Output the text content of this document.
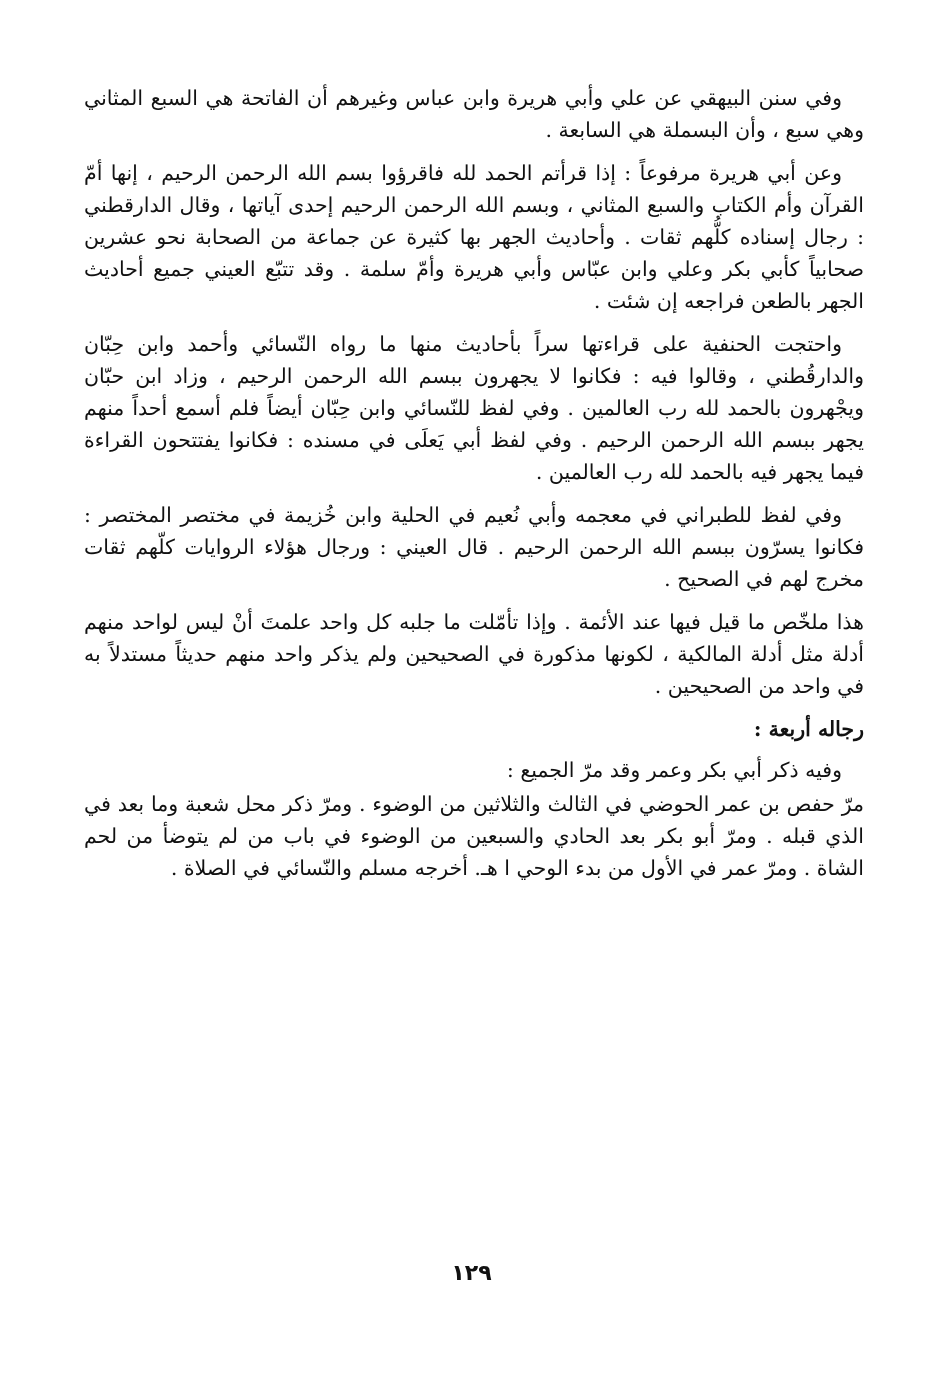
وفي سنن البيهقي عن علي وأبي هريرة وابن عباس وغيرهم أن الفاتحة هي السبع المثاني وهي سبع ، وأن البسملة هي السابعة .

وعن أبي هريرة مرفوعاً : إذا قرأتم الحمد لله فاقرؤوا بسم الله الرحمن الرحيم ، إنها أمّ القرآن وأم الكتاب والسبع المثاني ، وبسم الله الرحمن الرحيم إحدى آياتها ، وقال الدارقطني : رجال إسناده كلُّهم ثقات . وأحاديث الجهر بها كثيرة عن جماعة من الصحابة نحو عشرين صحابياً كأبي بكر وعلي وابن عبّاس وأبي هريرة وأمّ سلمة . وقد تتبّع العيني جميع أحاديث الجهر بالطعن فراجعه إن شئت .

واحتجت الحنفية على قراءتها سراً بأحاديث منها ما رواه النّسائي وأحمد وابن حِبّان والدارقُطني ، وقالوا فيه : فكانوا لا يجهرون ببسم الله الرحمن الرحيم ، وزاد ابن حبّان ويجْهرون بالحمد لله رب العالمين . وفي لفظ للنّسائي وابن حِبّان أيضاً فلم أسمع أحداً منهم يجهر ببسم الله الرحمن الرحيم . وفي لفظ أبي يَعلَى في مسنده : فكانوا يفتتحون القراءة فيما يجهر فيه بالحمد لله رب العالمين .

وفي لفظ للطبراني في معجمه وأبي نُعيم في الحلية وابن خُزيمة في مختصر المختصر : فكانوا يسرّون ببسم الله الرحمن الرحيم . قال العيني : ورجال هؤلاء الروايات كلّهم ثقات مخرج لهم في الصحيح .

هذا ملخّص ما قيل فيها عند الأئمة . وإذا تأمّلت ما جلبه كل واحد علمتَ أنْ ليس لواحد منهم أدلة مثل أدلة المالكية ، لكونها مذكورة في الصحيحين ولم يذكر واحد منهم حديثاً مستدلاً به في واحد من الصحيحين .

رجاله أربعة :

وفيه ذكر أبي بكر وعمر وقد مرّ الجميع :

مرّ حفص بن عمر الحوضي في الثالث والثلاثين من الوضوء . ومرّ ذكر محل شعبة وما بعد في الذي قبله . ومرّ أبو بكر بعد الحادي والسبعين من الوضوء في باب من لم يتوضأ من لحم الشاة . ومرّ عمر في الأول من بدء الوحي ا هـ. أخرجه مسلم والنّسائي في الصلاة .

١٢٩
